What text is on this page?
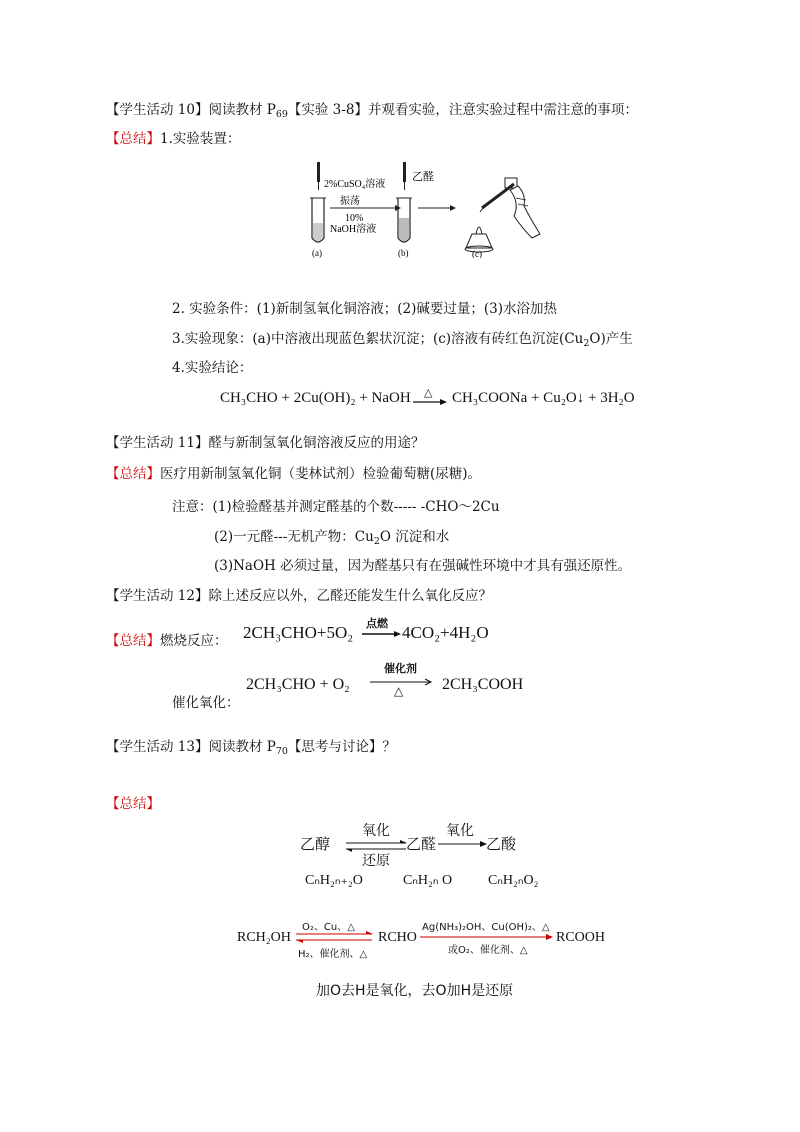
【学生活动 10】阅读教材 $P_{69}$【实验 3-8】并观看实验，注意实验过程中需注意的事项：
【总结】1.实验装置：
2%CuSO₄溶液
(a)
振荡
10%
NaOH溶液
乙醛
(b)	(c)
2. 实验条件：(1)新制氢氧化铜溶液；(2)碱要过量；(3)水浴加热
3.实验现象：(a)中溶液出现蓝色絮状沉淀；(c)溶液有砖红色沉淀$(Cu_2O)$产生
4.实验结论：
CH₃CHO + 2Cu(OH)₂ + NaOH △ CH₃COONa + Cu₂O↓ + 3H₂O
【学生活动 11】醛与新制氢氧化铜溶液反应的用途？
【总结】医疗用新制氢氧化铜（斐林试剂）检验葡萄糖(尿糖)。
注意：(1)检验醛基并测定醛基的个数----- -CHO～2Cu
(2)一元醛---无机产物：$Cu_2O$ 沉淀和水
(3)NaOH 必须过量，因为醛基只有在强碱性环境中才具有强还原性。
【学生活动 12】除上述反应以外，乙醛还能发生什么氧化反应？
【总结】燃烧反应： 2CH₃CHO+5O₂ 点燃 4CO₂+4H₂O
2CH₃CHO + O₂
催化剂
△ 2CH₃COOH
催化氧化：
【学生活动 13】阅读教材 $P_{70}$【思考与讨论】？
【总结】
乙醇
氧化
还原
乙醛
氧化
乙酸
CₙH₂ₙ₊₂O	CₙH₂ₙ O	CₙH₂ₙO₂
RCH₂OH
O₂、Cu、△
H₂、催化剂、△
RCHO
Ag(NH₃)₂OH、Cu(OH)₂、△
或O₂、催化剂、△
RCOOH
加O去H是氧化，去O加H是还原
